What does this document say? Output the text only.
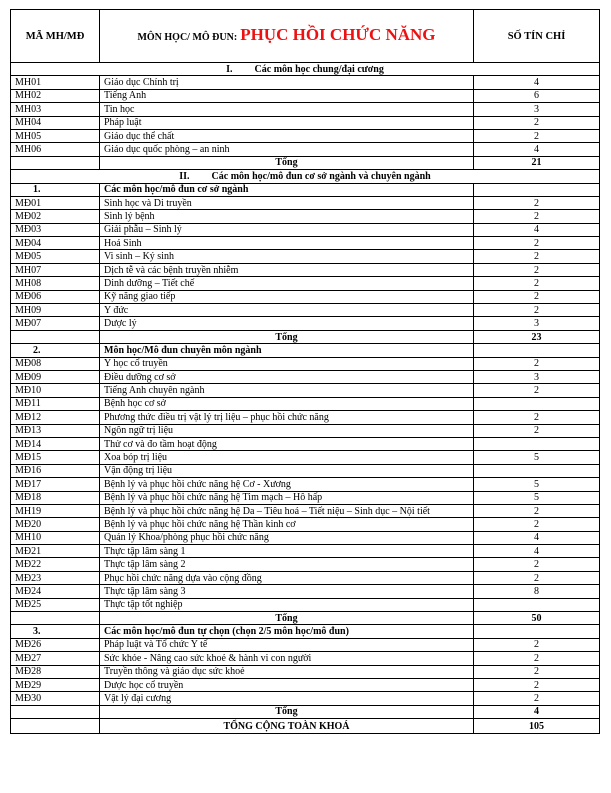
MÃ MH/MĐ	MÔN HỌC/ MÔ ĐUN: PHỤC HỒI CHỨC NĂNG	SỐ TÍN CHỈ
I. Các môn học chung/đại cương		
MH01	Giáo dục Chính trị	4
MH02	Tiếng Anh	6
MH03	Tin học	3
MH04	Pháp luật	2
MH05	Giáo dục thể chất	2
MH06	Giáo dục quốc phòng – an ninh	4
	Tổng	21
II. Các môn học/mô đun cơ sở ngành và chuyên ngành		
1.	Các môn học/mô đun cơ sở ngành	
MĐ01	Sinh học và Di truyền	2
MĐ02	Sinh lý bệnh	2
MĐ03	Giải phẫu – Sinh lý	4
MĐ04	Hoá Sinh	2
MĐ05	Vi sinh – Ký sinh	2
MH07	Dịch tễ và các bệnh truyền nhiễm	2
MH08	Dinh dưỡng – Tiết chế	2
MĐ06	Kỹ năng giao tiếp	2
MH09	Y đức	2
MĐ07	Dược lý	3
	Tổng	23
2.	Môn học/Mô đun chuyên môn ngành	
MĐ08	Y học cổ truyền	2
MĐ09	Điều dưỡng cơ sở	3
MĐ10	Tiếng Anh chuyên ngành	2
MĐ11	Bệnh học cơ sở	
MĐ12	Phương thức điều trị vật lý trị liệu – phục hồi chức năng	2
MĐ13	Ngôn ngữ trị liệu	2
MĐ14	Thử cơ và đo tầm hoạt động	
MĐ15	Xoa bóp trị liệu	5
MĐ16	Vận động trị liệu	
MĐ17	Bệnh lý và phục hồi chức năng hệ Cơ - Xương	5
MĐ18	Bệnh lý và phục hồi chức năng hệ Tim mạch – Hô hấp	5
MH19	Bệnh lý và phục hồi chức năng hệ Da – Tiêu hoá – Tiết niệu – Sinh dục – Nội tiết	2
MĐ20	Bệnh lý và phục hồi chức năng hệ Thần kinh cơ	2
MH10	Quản lý Khoa/phòng phục hồi chức năng	4
MĐ21	Thực tập lâm sàng 1	4
MĐ22	Thực tập lâm sàng 2	2
MĐ23	Phục hồi chức năng dựa vào cộng đồng	2
MĐ24	Thực tập lâm sàng 3	8
MĐ25	Thực tập tốt nghiệp	
	Tổng	50
3.	Các môn học/mô đun tự chọn (chọn 2/5 môn học/mô đun)	
MĐ26	Pháp luật và Tổ chức Y tế	2
MĐ27	Sức khỏe - Nâng cao sức khoẻ & hành vi con người	2
MĐ28	Truyền thông và giáo dục sức khoẻ	2
MĐ29	Dược học cổ truyền	2
MĐ30	Vật lý đại cương	2
	Tổng	4
	TỔNG CỘNG TOÀN KHOÁ	105
